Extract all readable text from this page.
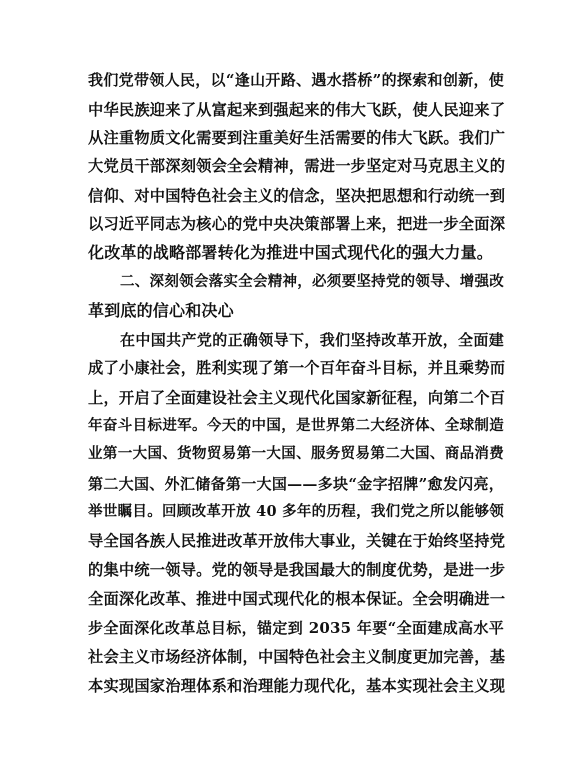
我们党带领人民，以“逢山开路、遇水搭桥”的探索和创新，使
中华民族迎来了从富起来到强起来的伟大飞跃，使人民迎来了
从注重物质文化需要到注重美好生活需要的伟大飞跃。我们广
大党员干部深刻领会全会精神，需进一步坚定对马克思主义的
信仰、对中国特色社会主义的信念，坚决把思想和行动统一到
以习近平同志为核心的党中央决策部署上来，把进一步全面深
化改革的战略部署转化为推进中国式现代化的强大力量。
二、深刻领会落实全会精神，必须要坚持党的领导、增强改
革到底的信心和决心
在中国共产党的正确领导下，我们坚持改革开放，全面建
成了小康社会，胜利实现了第一个百年奋斗目标，并且乘势而
上，开启了全面建设社会主义现代化国家新征程，向第二个百
年奋斗目标进军。今天的中国，是世界第二大经济体、全球制造
业第一大国、货物贸易第一大国、服务贸易第二大国、商品消费
第二大国、外汇储备第一大国——多块“金字招牌”愈发闪亮，
举世瞩目。回顾改革开放 40 多年的历程，我们党之所以能够领
导全国各族人民推进改革开放伟大事业，关键在于始终坚持党
的集中统一领导。党的领导是我国最大的制度优势，是进一步
全面深化改革、推进中国式现代化的根本保证。全会明确进一
步全面深化改革总目标，锚定到 2035 年要“全面建成高水平
社会主义市场经济体制，中国特色社会主义制度更加完善，基
本实现国家治理体系和治理能力现代化，基本实现社会主义现
